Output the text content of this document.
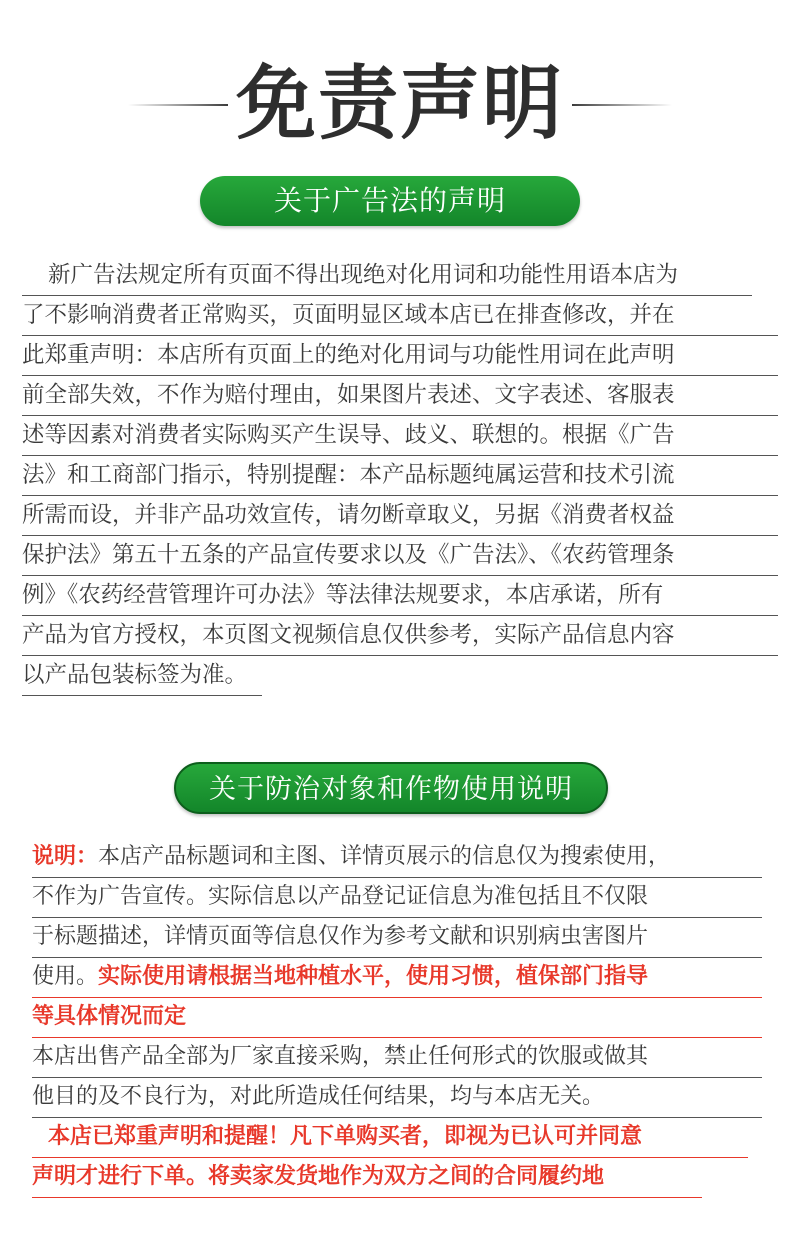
免责声明
关于广告法的声明
新广告法规定所有页面不得出现绝对化用词和功能性用语本店为
了不影响消费者正常购买，页面明显区域本店已在排查修改，并在
此郑重声明：本店所有页面上的绝对化用词与功能性用词在此声明
前全部失效，不作为赔付理由，如果图片表述、文字表述、客服表
述等因素对消费者实际购买产生误导、歧义、联想的。根据《广告
法》和工商部门指示，特别提醒：本产品标题纯属运营和技术引流
所需而设，并非产品功效宣传，请勿断章取义，另据《消费者权益
保护法》第五十五条的产品宣传要求以及《广告法》、《农药管理条
例》《农药经营管理许可办法》等法律法规要求，本店承诺，所有
产品为官方授权，本页图文视频信息仅供参考，实际产品信息内容
以产品包装标签为准。
关于防治对象和作物使用说明
说明：本店产品标题词和主图、详情页展示的信息仅为搜索使用，
不作为广告宣传。实际信息以产品登记证信息为准包括且不仅限
于标题描述，详情页面等信息仅作为参考文献和识别病虫害图片
使用。实际使用请根据当地种植水平，使用习惯，植保部门指导
等具体情况而定
本店出售产品全部为厂家直接采购，禁止任何形式的饮服或做其
他目的及不良行为，对此所造成任何结果，均与本店无关。
本店已郑重声明和提醒！凡下单购买者，即视为已认可并同意
声明才进行下单。将卖家发货地作为双方之间的合同履约地
